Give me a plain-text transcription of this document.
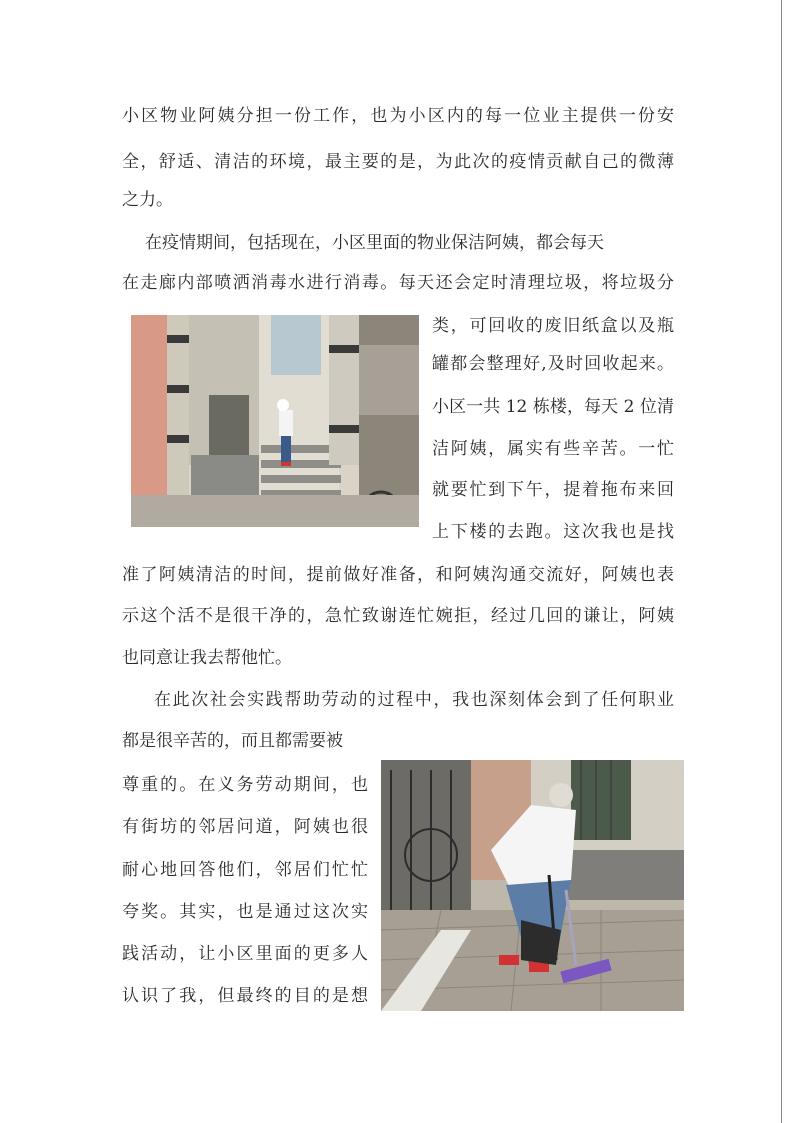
小区物业阿姨分担一份工作，也为小区内的每一位业主提供一份安
全，舒适、清洁的环境，最主要的是，为此次的疫情贡献自己的微薄
之力。
　在疫情期间，包括现在，小区里面的物业保洁阿姨，都会每天
在走廊内部喷洒消毒水进行消毒。每天还会定时清理垃圾，将垃圾分
类，可回收的废旧纸盒以及瓶
罐都会整理好,及时回收起来。
小区一共 12 栋楼，每天 2 位清
洁阿姨，属实有些辛苦。一忙
就要忙到下午，提着拖布来回
上下楼的去跑。这次我也是找
准了阿姨清洁的时间，提前做好准备，和阿姨沟通交流好，阿姨也表
示这个活不是很干净的，急忙致谢连忙婉拒，经过几回的谦让，阿姨
也同意让我去帮他忙。
在此次社会实践帮助劳动的过程中，我也深刻体会到了任何职业
都是很辛苦的，而且都需要被
尊重的。在义务劳动期间，也
有街坊的邻居问道，阿姨也很
耐心地回答他们，邻居们忙忙
夸奖。其实，也是通过这次实
践活动，让小区里面的更多人
认识了我，但最终的目的是想
